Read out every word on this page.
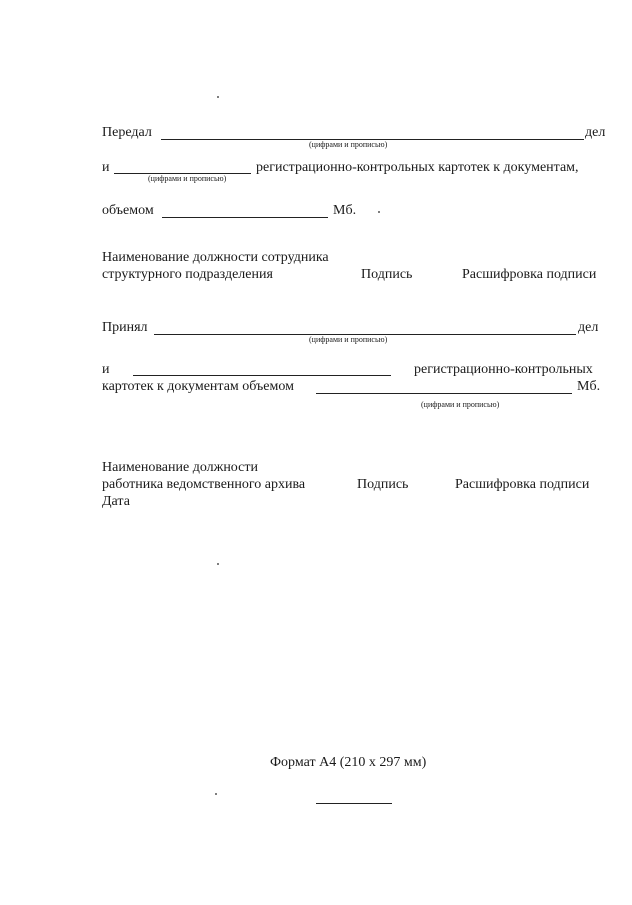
Передал	дел
(цифрами и прописью)
и
(цифрами и прописью)
регистрационно-контрольных картотек к документам,
объемом	Мб.
Наименование должности сотрудника
структурного подразделения	Подпись	Расшифровка подписи
Принял	дел
(цифрами и прописью)
и	регистрационно-контрольных
картотек к документам объемом	Мб.
(цифрами и прописью)
Наименование должности
работника ведомственного архива	Подпись	Расшифровка подписи
Дата
Формат А4 (210 х 297 мм)
